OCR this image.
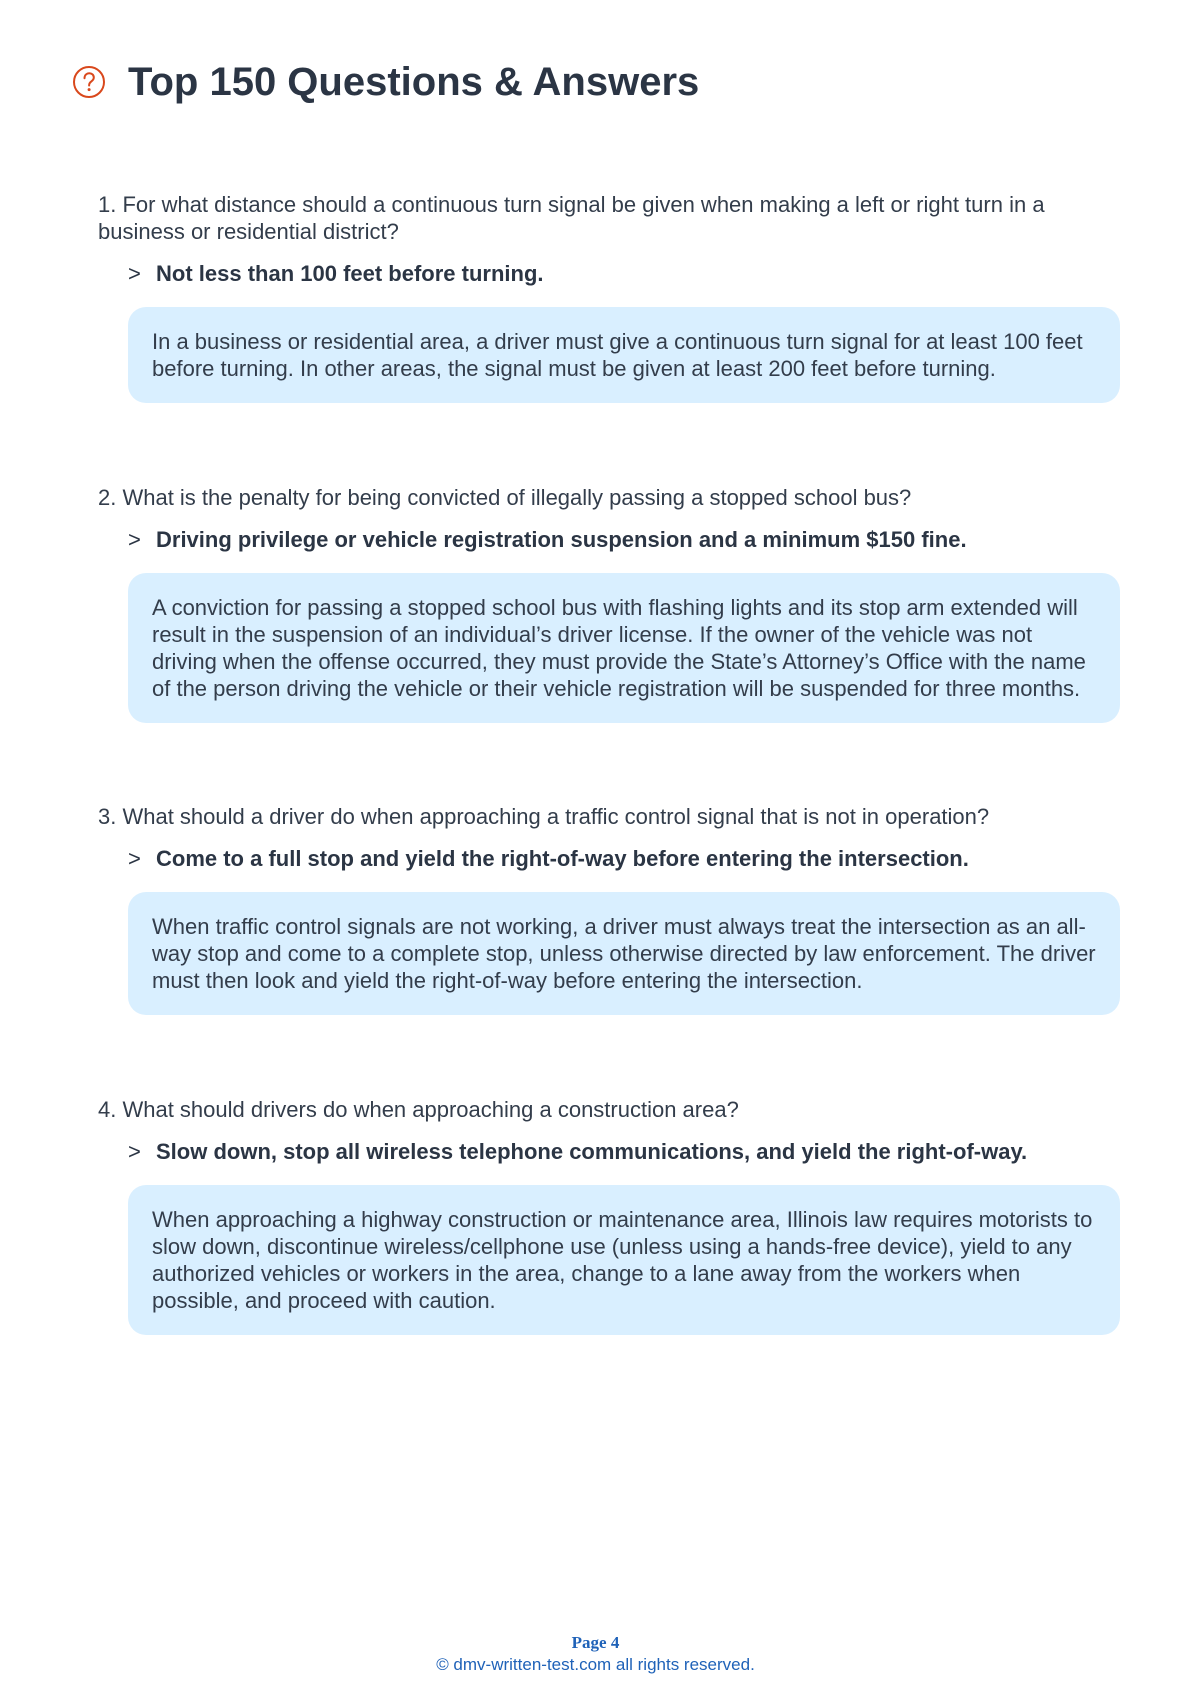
Top 150 Questions & Answers

1. For what distance should a continuous turn signal be given when making a left or right turn in a business or residential district?

> Not less than 100 feet before turning.
In a business or residential area, a driver must give a continuous turn signal for at least 100 feet before turning. In other areas, the signal must be given at least 200 feet before turning.

2. What is the penalty for being convicted of illegally passing a stopped school bus?

> Driving privilege or vehicle registration suspension and a minimum $150 fine.
A conviction for passing a stopped school bus with flashing lights and its stop arm extended will result in the suspension of an individual’s driver license. If the owner of the vehicle was not driving when the offense occurred, they must provide the State’s Attorney’s Office with the name of the person driving the vehicle or their vehicle registration will be suspended for three months.

3. What should a driver do when approaching a traffic control signal that is not in operation?

> Come to a full stop and yield the right-of-way before entering the intersection.
When traffic control signals are not working, a driver must always treat the intersection as an all-way stop and come to a complete stop, unless otherwise directed by law enforcement. The driver must then look and yield the right-of-way before entering the intersection.

4. What should drivers do when approaching a construction area?

> Slow down, stop all wireless telephone communications, and yield the right-of-way.
When approaching a highway construction or maintenance area, Illinois law requires motorists to slow down, discontinue wireless/cellphone use (unless using a hands-free device), yield to any authorized vehicles or workers in the area, change to a lane away from the workers when possible, and proceed with caution.
Page 4
© dmv-written-test.com all rights reserved.
